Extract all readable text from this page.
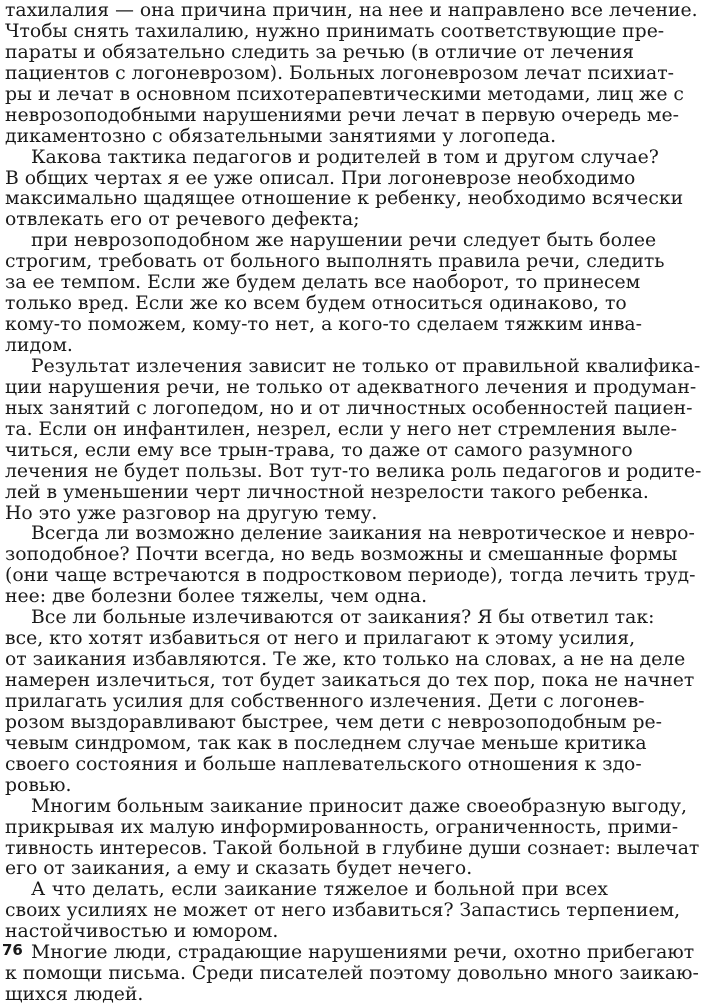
тахилалия — она причина причин, на нее и направлено все лечение.
Чтобы снять тахилалию, нужно принимать соответствующие пре-
параты и обязательно следить за речью (в отличие от лечения
пациентов с логоневрозом). Больных логоневрозом лечат психиат-
ры и лечат в основном психотерапевтическими методами, лиц же с
неврозоподобными нарушениями речи лечат в первую очередь ме-
дикаментозно с обязательными занятиями у логопеда.
Какова тактика педагогов и родителей в том и другом случае?
В общих чертах я ее уже описал. При логоневрозе необходимо
максимально щадящее отношение к ребенку, необходимо всячески
отвлекать его от речевого дефекта;
при неврозоподобном же нарушении речи следует быть более
строгим, требовать от больного выполнять правила речи, следить
за ее темпом. Если же будем делать все наоборот, то принесем
только вред. Если же ко всем будем относиться одинаково, то
кому-то поможем, кому-то нет, а кого-то сделаем тяжким инва-
лидом.
Результат излечения зависит не только от правильной квалифика-
ции нарушения речи, не только от адекватного лечения и продуман-
ных занятий с логопедом, но и от личностных особенностей пациен-
та. Если он инфантилен, незрел, если у него нет стремления выле-
читься, если ему все трын-трава, то даже от самого разумного
лечения не будет пользы. Вот тут-то велика роль педагогов и родите-
лей в уменьшении черт личностной незрелости такого ребенка.
Но это уже разговор на другую тему.
Всегда ли возможно деление заикания на невротическое и невро-
зоподобное? Почти всегда, но ведь возможны и смешанные формы
(они чаще встречаются в подростковом периоде), тогда лечить труд-
нее: две болезни более тяжелы, чем одна.
Все ли больные излечиваются от заикания? Я бы ответил так:
все, кто хотят избавиться от него и прилагают к этому усилия,
от заикания избавляются. Те же, кто только на словах, а не на деле
намерен излечиться, тот будет заикаться до тех пор, пока не начнет
прилагать усилия для собственного излечения. Дети с логонев-
розом выздоравливают быстрее, чем дети с неврозоподобным ре-
чевым синдромом, так как в последнем случае меньше критика
своего состояния и больше наплевательского отношения к здо-
ровью.
Многим больным заикание приносит даже своеобразную выгоду,
прикрывая их малую информированность, ограниченность, прими-
тивность интересов. Такой больной в глубине души сознает: вылечат
его от заикания, а ему и сказать будет нечего.
А что делать, если заикание тяжелое и больной при всех
своих усилиях не может от него избавиться? Запастись терпением,
настойчивостью и юмором.
Многие люди, страдающие нарушениями речи, охотно прибегают
к помощи письма. Среди писателей поэтому довольно много заикаю-
щихся людей.
76
